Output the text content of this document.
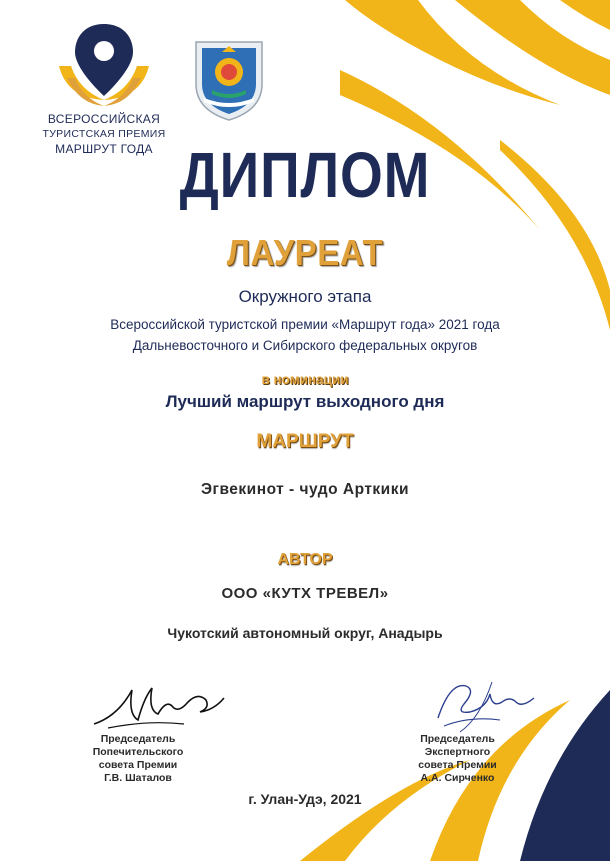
ВСЕРОССИЙСКАЯ
ТУРИСТСКАЯ ПРЕМИЯ
МАРШРУТ ГОДА ДИПЛОМ
ЛАУРЕАТ
Окружного этапа
Всероссийской туристской премии «Маршрут года» 2021 года
Дальневосточного и Сибирского федеральных округов
в номинации
Лучший маршрут выходного дня
МАРШРУТ
Эгвекинот - чудо Арткики
АВТОР
ООО «КУТХ ТРЕВЕЛ»
Чукотский автономный округ, Анадырь
Председатель Попечительского
совета Премии
Г.В. Шаталов
Председатель Экспертного
совета Премии
А.А. Сирченко
г. Улан-Удэ, 2021
